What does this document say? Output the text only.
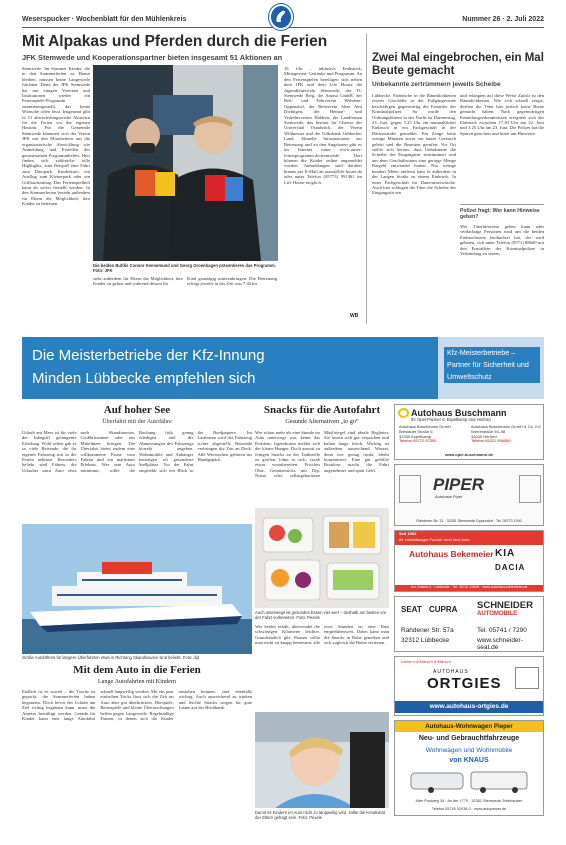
Weserspucker · Wochenblatt für den Mühlenkreis	Nummer 26 · 2. Juli 2022
Mit Alpakas und Pferden durch die Ferien
JFK Stemwede und Kooperationspartner bieten insgesamt 51 Aktionen an
Stemwede. Im Sommer Kinder, die in den Sommerferien zu Hause bleiben, müssen keine Langeweile fürchten. Denn der JFK Stemwede hat mit einigen Vereinen und Institutionen wieder ein Ferienspiele-Programm zusammengestellt, das keine Wünsche offen lässt. Insgesamt gibt es 51 abwechslungsreiche Aktionen für die Ferien vor der eigenen Haustür. Für die Gemeinde Stemwede kümmert sich der Verein JFK mit den Mitarbeitern um die organisatorische Abwicklung wie Anmeldung und Erstellen des gemeinsamen Programmheftes. Hier finden sich zahlreiche tolle Highlights, zum Beispiel eine Fahrt zum Dinopark, Kinderkino, ein Ausflug zum Kletterpark oder ein Grillnachmittag. Das Ferienspielheft kann ab sofort bestellt werden. In den Sommerferien besteht außerdem für Eltern die Möglichkeit, ihre Kinder zu betreuen.
Die beiden Bufdis Connor Kennemund und Georg Groenhagen präsentieren das Programm. Foto: JFK
steht außerdem für Eltern die Möglichkeit, ihre Kinder zu gehen und während dessen für
Kind ganztägig unterzubringen. Die Betreuung erfolgt jeweils in der Zeit von 7.30 bis
16 Uhr – inklusive Frühstück, Mittagessen, Getränke und Programm. An den Ferienspielen beteiligen sich neben dem JFK und dem Life House die Jugendfeuerwehr Stemwede, der TC Stemwede Berg, die Aniasa GmbH, der Reit- und Fahrverein Wehdem-Oppendorf, der Reitverein Altes Amt Dielingen, der Heimat- und Verkehrsverein Haldem, die Landfrauen Stemwede, das Institut für Chessie der Universität Osnabrück, der Verein Wildnesser und die Volksbank Lübbecker Land. Aktuelle Informationen zur Betreuung und zu den Angeboten gibt es im Internet unter www.unser-ferienprogramm.de/stemwede. Dort können die Kinder online angemeldet werden. Anmeldungen sind darüber hinaus per E-Mail an team@life-house.de oder unter Telefon (05773) 991461 im Life House möglich.
WB
Zwei Mal eingebrochen, ein Mal Beute gemacht
Unbekannte zertrümmern jeweils Scheibe
Lübbecke. Einbrüche in die Räumlichkeiten zweier Geschäfte in der Fußgängerzone beschäftigen gegenwärtig die Ermittler der Kriminalpolizei. So wurde den Ordnungshütern in der Nacht zu Donnerstag, 23. Juni, gegen 3.25 Uhr ein mutmaßlicher Einbruch in ein Fachgeschäft in der Bäckerstraße gemeldet. Ein Zeuge hatte wenige Minuten zuvor ein lautes Geräusch gehört und die Beamten gerufen. Vor Ort stellte sich heraus, dass Unbekannte die Scheibe der Eingangstür zertrümmert und aus dem Geschäftsraum eine geringe Menge Bargeld entwendet hatten. Nur wenige hundert Meter entfernt kam es außerdem in der Langen Straße zu einem Einbruch. In einer Fachgeschäft für Dauerunterwäsche. Auch hier schlugen die Täter die Scheibe der Eingangstür ein
und erlangten auf diese Weise Zutritt zu den Räumlichkeiten. Wie sich schnell zeigte, dürften die Täter hier jedoch keine Beute gemacht haben. Nach gegenwärtigen Ermittlungserkenntnissen ereignete sich der Einbruch zwischen 17.30 Uhr am 22. Juni und 3.25 Uhr am 23. Juni. Die Polizei hat die Spuren gesichert und bittet um Hinweise.
Polizei fragt: Wer kann Hinweise geben?
Wer Täterhinweise geben kann oder verdächtige Personen rund um die beiden Einbruchsorte beobachtet hat, der wird gebeten, sich unter Telefon (0571) 88660 mit den Ermittlern der Kriminalpolizei in Verbindung zu setzen.
Die Meisterbetriebe der Kfz-Innung
Minden Lübbecke empfehlen sich
Kfz-Meisterbetriebe – Partner für Sicherheit und Umweltschutz
Auf hoher See
Überfahrt mit der Autofähre
Urlaub am Meer ist für viele der Inbegriff gelungener Erholung. Wohl selten gab es so viele Reisende, die ihr eigenes Fahrzeug mit in die Ferien nehmen. Besonders beliebt sind Fähren, die Urlauber samt Auto etwa nach Skandinavien, Großbritannien oder ans Mittelmeer bringen. Die Überfahrt bietet zudem eine willkommene Pause vom Fahren und ein maritimes Erlebnis. Wer sein Auto mitnimmt, sollte die Buchung früh genug erledigen und die Abmessungen des Fahrzeugs korrekt angeben. Wohnmobile und Anhänger benötigen oft gesonderte Stellplätze. Vor der Fahrt empfiehlt sich ein Blick in die Bordpapiere. Im Laderaum wird das Fahrzeug sicher abgestellt, Reisende verbringen die Zeit an Deck. Alle Wertsachen gehören ins Handgepäck.
Große Autofähren für längere Überfahrten etwa in Richtung Skandinavien sind beliebt. Foto: djd
Mit dem Auto in die Ferien
Lange Autofahrten mit Kindern
Endlich ist es soweit – die Tasche ist gepackt, die Sommerferien haben begonnen. Doch bevor der Urlaub am Ziel richtig beginnen kann, muss die Anreise bewältigt werden. Gerade für Kinder kann eine lange Autofahrt schnell langweilig werden. Mit ein paar einfachen Tricks lässt sich die Zeit im Auto aber gut überbrücken. Hörspiele, Reisespiele und kleine Überraschungen helfen gegen Langeweile. Regelmäßige Pausen, in denen sich die Kinder austoben können, sind ebenfalls wichtig. Auch ausreichend zu trinken und leichte Snacks sorgen für gute Laune auf der Rückbank.
Snacks für die Autofahrt
Gesunde Alternativen „to go“
Wer schon mehr als eine Stunde im Auto unterwegs war, kennt das Problem: Irgendwann meldet sich der kleine Hunger. Doch anstatt zu fettigen Snacks an der Tankstelle zu greifen, lohnt es sich, vorab etwas vorzubereiten. Frisches Obst, Gemüsesticks mit Dip, Nüsse oder selbstgebackene Müsliriegel sind ideale Begleiter. Sie lassen sich gut verpacken und halten lange frisch. Wichtig ist außerdem ausreichend Wasser, denn wer genug trinkt, bleibt konzentriert. Eine gut gefüllte Brotdose macht die Fahrt angenehmer und spart Geld.
Auch unterwegs ist gesundes Essen viel wert – deshalb am besten vor der Fahrt vorbereiten. Foto: Pexels
Wer beides erhält, überwindet die schwierigen Kilometer leichter. Grundsätzlich gilt: Pausen sollte man nicht zu knapp bemessen, alle zwei Stunden ist eine Rast empfehlenswert. Dabei kann man die Snacks in Ruhe genießen und sich zugleich die Beine vertreten.
Damit es Kindern im Auto nicht zu langweilig wird, sollte die Kreativität der Eltern gefragt sein. Foto: Pexels
Autohaus Buschmann
Ihr Opel-Partner in Espelkamp und Herford
Autohaus Buschmann GmbH
Breslauer Straße 6
32339 Espelkamp
Telefon 05772 97300
Autohaus Buschmann GmbH & Co. KG
Werrestraße 94–98
32049 Herford
Telefon 05221 996080
www.opel-buschmann.de
PIPER
Autohaus Piper
Rahdener Str. 31 · 32351 Stemwede-Oppendorf · Tel. 05773 1040
Seit 1963
Ihr zuverlässiger Partner rund ums Auto
Autohaus Bekemeier KIA
DACIA
Am Zollamt 4 · Lübbecke · Tel. 05741 23499 · www.autohaus-bekemeier.de
SEAT CUPRA SCHNEIDER
AUTOMOBILE
Rahdener Str. 57a
32312 Lübbecke
Tel. 05741 / 7290
www.schneider-seat.de
Lieber mit Marsch & Marsch
AUTOHAUS
ORTGIES
www.autohaus-ortgies.de
Autohaus-Wohnwagen Pieper
Neu- und Gebrauchtfahrzeuge
Wohnwagen und Wohnmobile
von KNAUS
Alter Postweg 34 · An der L770 · 32351 Stemwede-Twiehausen
Telefon 05745 92038-0 · www.autopieper.de
